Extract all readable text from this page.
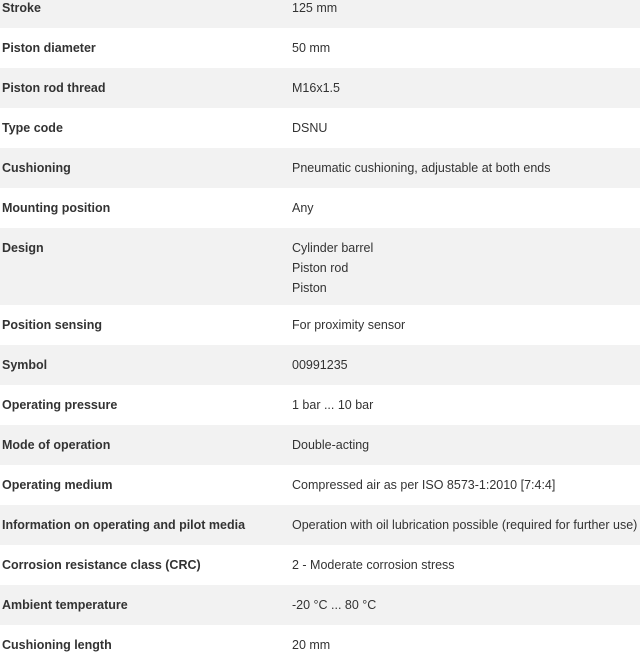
Stroke	125 mm
Piston diameter	50 mm
Piston rod thread	M16x1.5
Type code	DSNU
Cushioning	Pneumatic cushioning, adjustable at both ends
Mounting position	Any
Design	Cylinder barrel
Piston rod
Piston
Position sensing	For proximity sensor
Symbol	00991235
Operating pressure	1 bar ... 10 bar
Mode of operation	Double-acting
Operating medium	Compressed air as per ISO 8573-1:2010 [7:4:4]
Information on operating and pilot media	Operation with oil lubrication possible (required for further use)
Corrosion resistance class (CRC)	2 - Moderate corrosion stress
Ambient temperature	-20 °C ... 80 °C
Cushioning length	20 mm
